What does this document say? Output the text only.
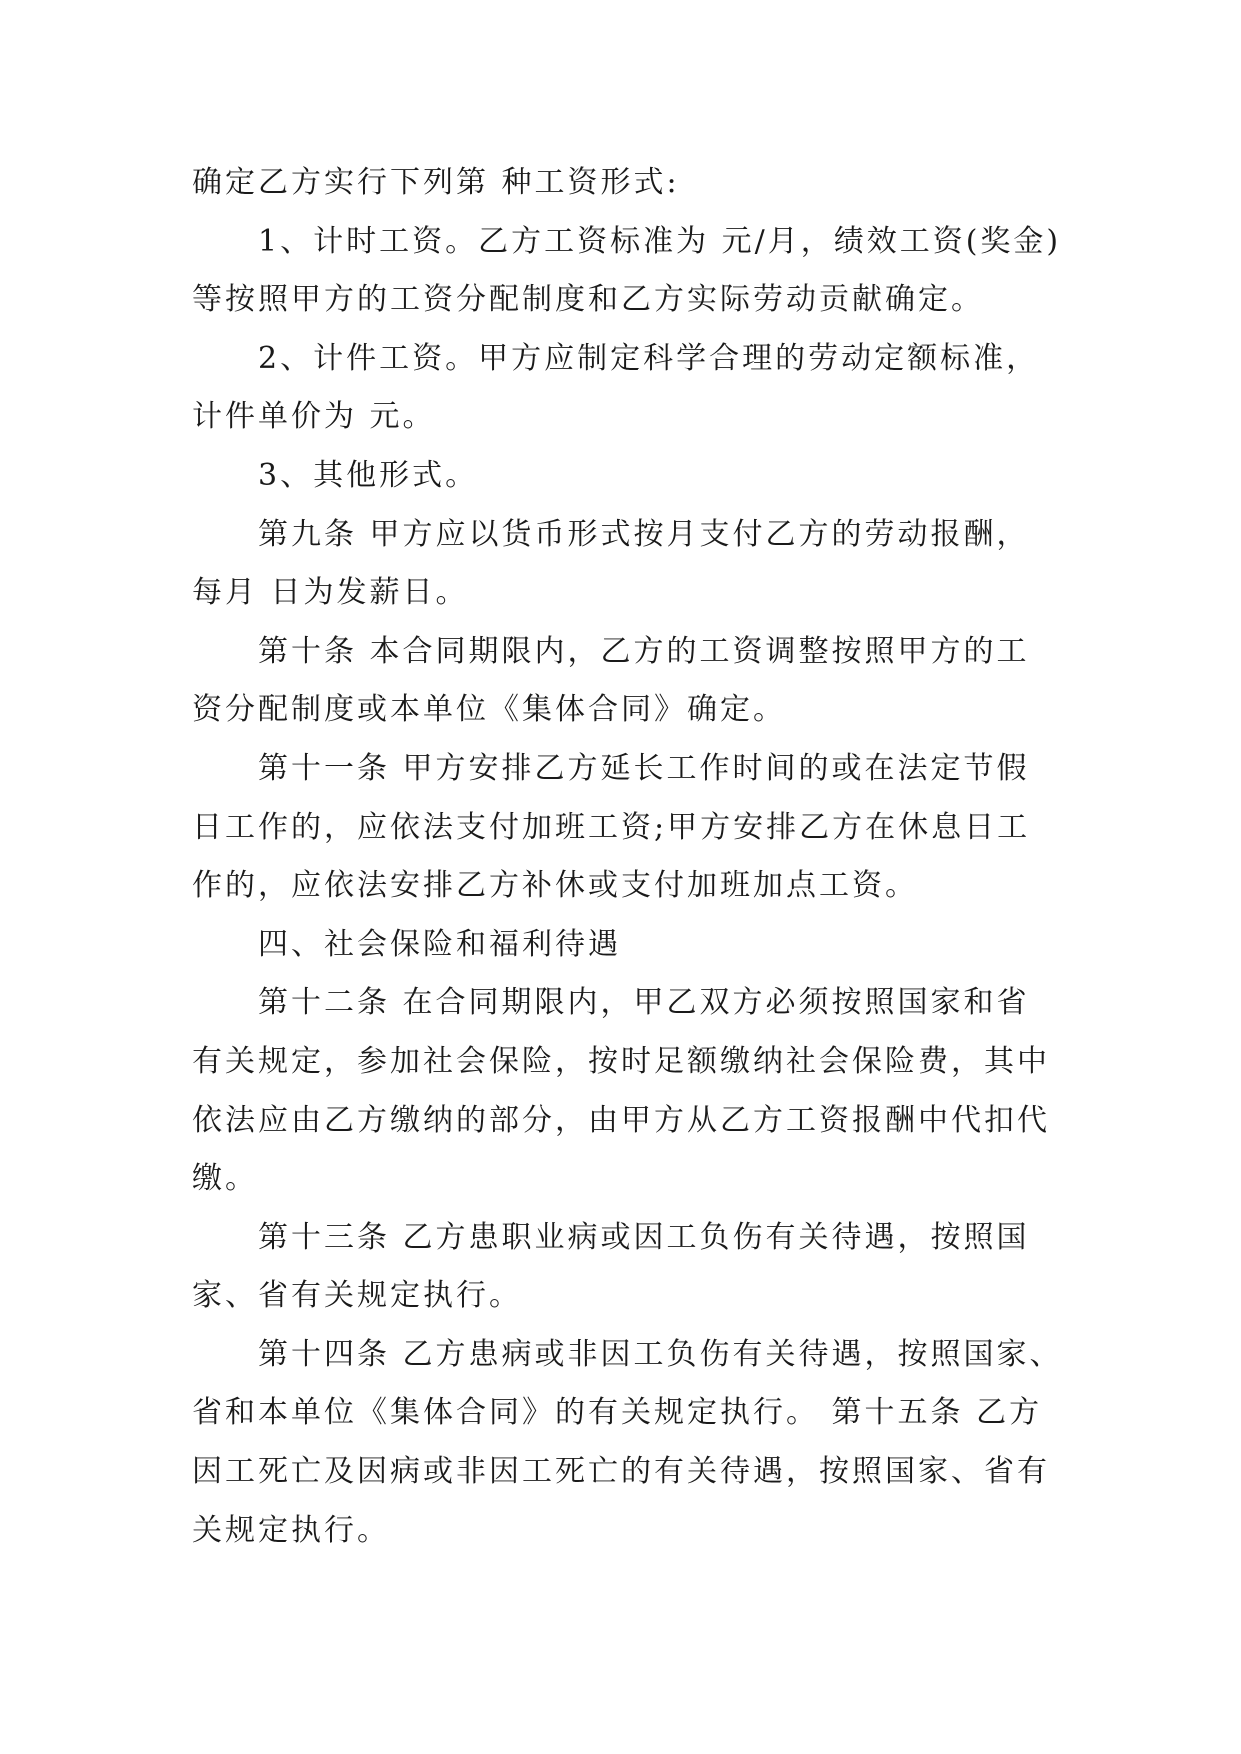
确定乙方实行下列第 种工资形式:
1、计时工资。乙方工资标准为 元/月，绩效工资(奖金)
等按照甲方的工资分配制度和乙方实际劳动贡献确定。
2、计件工资。甲方应制定科学合理的劳动定额标准，
计件单价为 元。
3、其他形式。
第九条 甲方应以货币形式按月支付乙方的劳动报酬，
每月 日为发薪日。
第十条 本合同期限内，乙方的工资调整按照甲方的工
资分配制度或本单位《集体合同》确定。
第十一条 甲方安排乙方延长工作时间的或在法定节假
日工作的，应依法支付加班工资;甲方安排乙方在休息日工
作的，应依法安排乙方补休或支付加班加点工资。
四、社会保险和福利待遇
第十二条 在合同期限内，甲乙双方必须按照国家和省
有关规定，参加社会保险，按时足额缴纳社会保险费，其中
依法应由乙方缴纳的部分，由甲方从乙方工资报酬中代扣代
缴。
第十三条 乙方患职业病或因工负伤有关待遇，按照国
家、省有关规定执行。
第十四条 乙方患病或非因工负伤有关待遇，按照国家、
省和本单位《集体合同》的有关规定执行。 第十五条 乙方
因工死亡及因病或非因工死亡的有关待遇，按照国家、省有
关规定执行。
